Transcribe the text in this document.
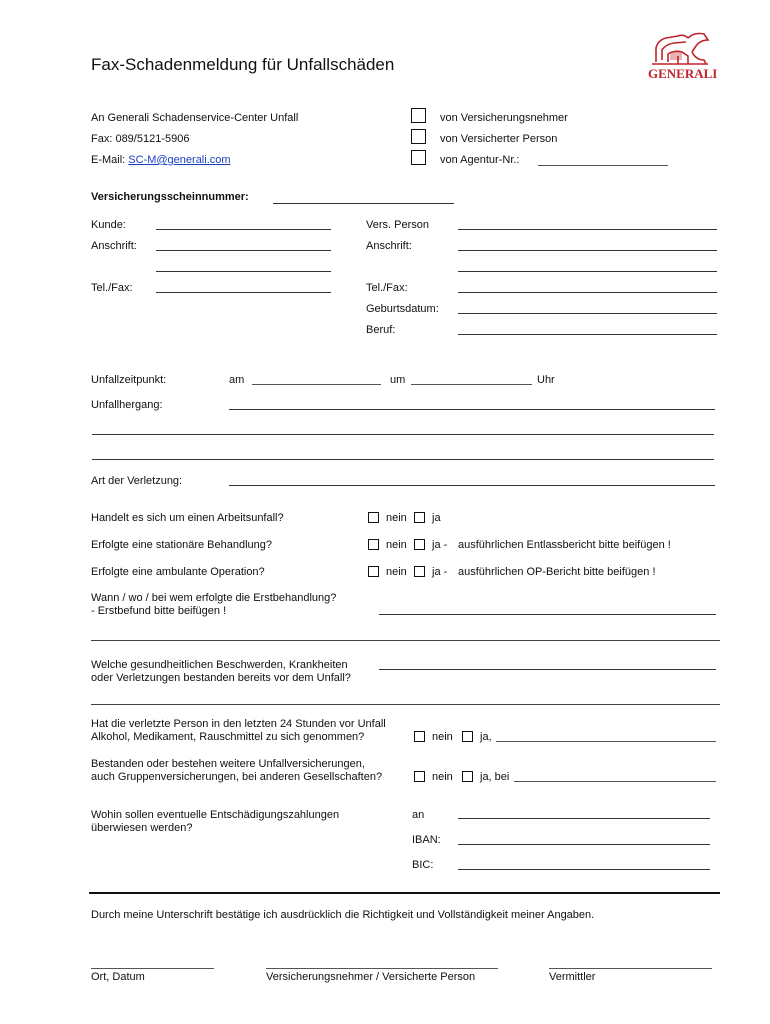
Fax-Schadenmeldung für Unfallschäden	GENERALI
An Generali Schadenservice-Center Unfall
Fax: 089/5121-5906
E-Mail: SC-M@generali.com
von Versicherungsnehmer
von Versicherter Person
von Agentur-Nr.:
Versicherungsscheinnummer:
Kunde:
Anschrift:
Tel./Fax:
Vers. Person
Anschrift:
Tel./Fax:
Geburtsdatum:
Beruf:
Unfallzeitpunkt:	am	um	Uhr
Unfallhergang:
Art der Verletzung:
Handelt es sich um einen Arbeitsunfall?	nein ja
Erfolgte eine stationäre Behandlung?	nein ja - ausführlichen Entlassbericht bitte beifügen !
Erfolgte eine ambulante Operation?	nein ja - ausführlichen OP-Bericht bitte beifügen !
Wann / wo / bei wem erfolgte die Erstbehandlung?
- Erstbefund bitte beifügen !
Welche gesundheitlichen Beschwerden, Krankheiten
oder Verletzungen bestanden bereits vor dem Unfall?
Hat die verletzte Person in den letzten 24 Stunden vor Unfall
Alkohol, Medikament, Rauschmittel zu sich genommen?	nein ja,
Bestanden oder bestehen weitere Unfallversicherungen,
auch Gruppenversicherungen, bei anderen Gesellschaften?	nein ja, bei
Wohin sollen eventuelle Entschädigungszahlungen
überwiesen werden?
an
IBAN:
BIC:
Durch meine Unterschrift bestätige ich ausdrücklich die Richtigkeit und Vollständigkeit meiner Angaben.
Ort, Datum	Versicherungsnehmer / Versicherte Person	Vermittler
